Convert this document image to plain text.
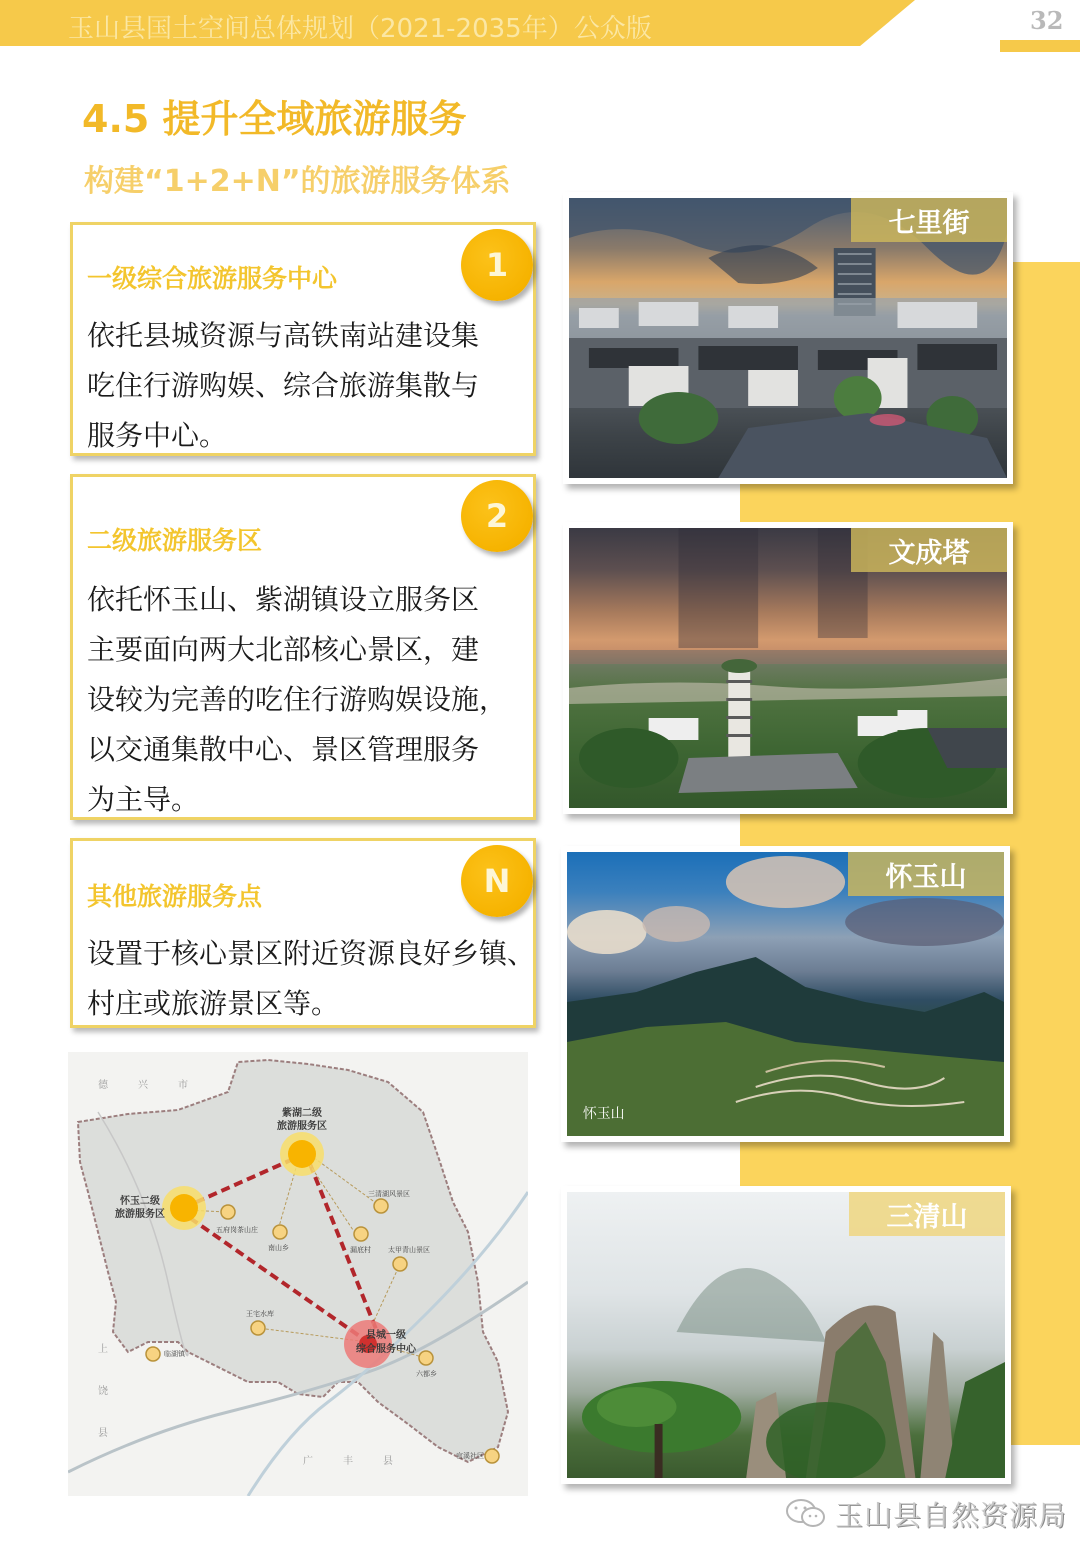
玉山县国土空间总体规划（2021-2035年）公众版	32
4.5 提升全域旅游服务
构建“1+2+N”的旅游服务体系
一级综合旅游服务中心
依托县城资源与高铁南站建设集
吃住行游购娱、综合旅游集散与
服务中心。
1
二级旅游服务区
依托怀玉山、紫湖镇设立服务区
主要面向两大北部核心景区，建
设较为完善的吃住行游购娱设施，
以交通集散中心、景区管理服务
为主导。
2
其他旅游服务点
设置于核心景区附近资源良好乡镇、
村庄或旅游景区等。
N
七里街
文成塔
怀玉山
怀玉山
三清山
紫湖二级
旅游服务区
怀玉二级
旅游服务区
县城一级
综合服务中心
五府岗茶山庄
南山乡	漏底村
三清湖风景区
太甲青山景区
王宅水库
临湖镇
六都乡
官溪社区
德兴市
广丰县
上
饶
县
玉山县自然资源局
